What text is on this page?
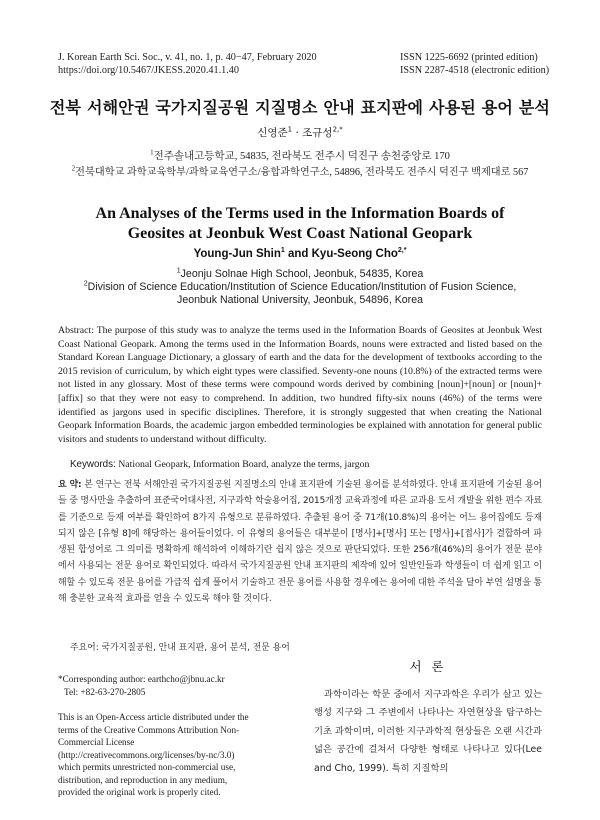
J. Korean Earth Sci. Soc., v. 41, no. 1, p. 40−47, February 2020
https://doi.org/10.5467/JKESS.2020.41.1.40
ISSN 1225-6692 (printed edition)
ISSN 2287-4518 (electronic edition)
전북 서해안권 국가지질공원 지질명소 안내 표지판에 사용된 용어 분석
신영준$^1$ · 조규성$^{2,*}$
$^1$전주솔내고등학교, 54835, 전라북도 전주시 덕진구 송천중앙로 170
$^2$전북대학교 과학교육학부/과학교육연구소/융합과학연구소, 54896, 전라북도 전주시 덕진구 백제대로 567
An Analyses of the Terms used in the Information Boards of
Geosites at Jeonbuk West Coast National Geopark
Young-Jun Shin$^1$ and Kyu-Seong Cho$^{2,*}$
$^1$Jeonju Solnae High School, Jeonbuk, 54835, Korea
$^2$Division of Science Education/Institution of Science Education/Institution of Fusion Science,
Jeonbuk National University, Jeonbuk, 54896, Korea
Abstract: The purpose of this study was to analyze the terms used in the Information Boards of Geosites at Jeonbuk West Coast National Geopark. Among the terms used in the Information Boards, nouns were extracted and listed based on the Standard Korean Language Dictionary, a glossary of earth and the data for the development of textbooks according to the 2015 revision of curriculum, by which eight types were classified. Seventy-one nouns (10.8%) of the extracted terms were not listed in any glossary. Most of these terms were compound words derived by combining [noun]+[noun] or [noun]+[affix] so that they were not easy to comprehend. In addition, two hundred fifty-six nouns (46%) of the terms were identified as jargons used in specific disciplines. Therefore, it is strongly suggested that when creating the National Geopark Information Boards, the academic jargon embedded terminologies be explained with annotation for general public visitors and students to understand without difficulty.
Keywords: National Geopark, Information Board, analyze the terms, jargon
요 약: 본 연구는 전북 서해안권 국가지질공원 지질명소의 안내 표지판에 기술된 용어를 분석하였다. 안내 표지판에 기술된 용어들 중 명사만을 추출하여 표준국어대사전, 지구과학 학술용어집, 2015개정 교육과정에 따른 교과용 도서 개발을 위한 편수 자료를 기준으로 등재 여부를 확인하여 8가지 유형으로 분류하였다. 추출된 용어 중 71개(10.8%)의 용어는 어느 용어집에도 등재되지 않은 [유형 8]에 해당하는 용어들이었다. 이 유형의 용어들은 대부분이 [명사]+[명사] 또는 [명사]+[접사]가 결합하여 파생된 합성어로 그 의미를 명확하게 해석하여 이해하기란 쉽지 않은 것으로 판단되었다. 또한 256개(46%)의 용어가 전문 분야에서 사용되는 전문 용어로 확인되었다. 따라서 국가지질공원 안내 표지판의 제작에 있어 일반인들과 학생들이 더 쉽게 읽고 이해할 수 있도록 전문 용어를 가급적 쉽게 풀어서 기술하고 전문 용어를 사용할 경우에는 용어에 대한 주석을 달아 부연 설명을 통해 충분한 교육적 효과를 얻을 수 있도록 해야 할 것이다.
주요어: 국가지질공원, 안내 표지판, 용어 분석, 전문 용어
*Corresponding author: earthcho@jbnu.ac.kr
Tel: +82-63-270-2805
This is an Open-Access article distributed under the terms of the Creative Commons Attribution Non-Commercial License (http://creativecommons.org/licenses/by-nc/3.0) which permits unrestricted non-commercial use, distribution, and reproduction in any medium, provided the original work is properly cited.
서 론
과학이라는 학문 중에서 지구과학은 우리가 살고 있는 행성 지구와 그 주변에서 나타나는 자연현상을 탐구하는 기초 과학이며, 이러한 지구과학적 현상들은 오랜 시간과 넓은 공간에 걸쳐서 다양한 형태로 나타나고 있다(Lee and Cho, 1999). 특히 지질학의
